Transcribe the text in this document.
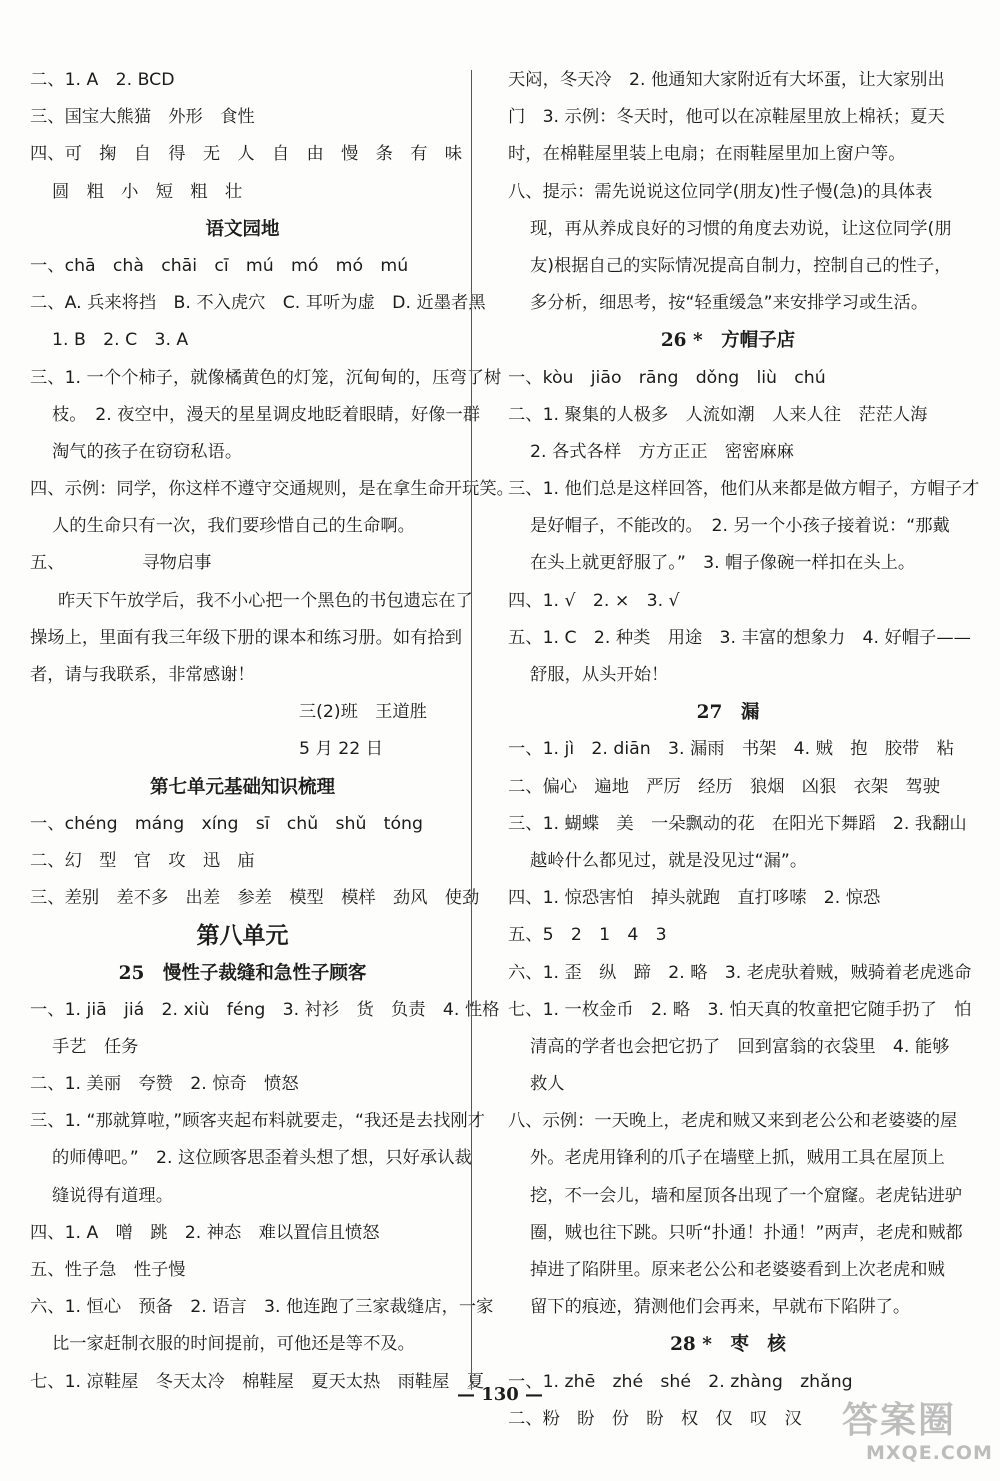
二、1. A　2. BCD
三、国宝大熊猫　外形　食性
四、可　掬　自　得　无　人　自　由　慢　条　有　味
圆　粗　小　短　粗　壮
语文园地
一、chā　chà　chāi　cī　mú　mó　mó　mú
二、A. 兵来将挡　B. 不入虎穴　C. 耳听为虚　D. 近墨者黑
1. B　2. C　3. A
三、1. 一个个柿子，就像橘黄色的灯笼，沉甸甸的，压弯了树
枝。　2. 夜空中，漫天的星星调皮地眨着眼睛，好像一群
淘气的孩子在窃窃私语。
四、示例：同学，你这样不遵守交通规则，是在拿生命开玩笑。
人的生命只有一次，我们要珍惜自己的生命啊。
五、　　　　　寻物启事
昨天下午放学后，我不小心把一个黑色的书包遗忘在了
操场上，里面有我三年级下册的课本和练习册。如有拾到
者，请与我联系，非常感谢！
三(2)班　王道胜
5 月 22 日
第七单元基础知识梳理
一、chéng　máng　xíng　sī　chǔ　shǔ　tóng
二、幻　型　官　攻　迅　庙
三、差别　差不多　出差　参差　模型　模样　劲风　使劲
第八单元
25　慢性子裁缝和急性子顾客
一、1. jiā　jiá　2. xiù　féng　3. 衬衫　货　负责　4. 性格
手艺　任务
二、1. 美丽　夸赞　2. 惊奇　愤怒
三、1. “那就算啦，”顾客夹起布料就要走，“我还是去找刚才
的师傅吧。”　2. 这位顾客思歪着头想了想，只好承认裁
缝说得有道理。
四、1. A　噌　跳　2. 神态　难以置信且愤怒
五、性子急　性子慢
六、1. 恒心　预备　2. 语言　3. 他连跑了三家裁缝店，一家
比一家赶制衣服的时间提前，可他还是等不及。
七、1. 凉鞋屋　冬天太冷　棉鞋屋　夏天太热　雨鞋屋　夏
天闷，冬天冷　2. 他通知大家附近有大坏蛋，让大家别出
门　3. 示例：冬天时，他可以在凉鞋屋里放上棉袄；夏天
时，在棉鞋屋里装上电扇；在雨鞋屋里加上窗户等。
八、提示：需先说说这位同学(朋友)性子慢(急)的具体表
现，再从养成良好的习惯的角度去劝说，让这位同学(朋
友)根据自己的实际情况提高自制力，控制自己的性子，
多分析，细思考，按“轻重缓急”来安排学习或生活。
26 *　方帽子店
一、kòu　jiāo　rāng　dǒng　liù　chú
二、1. 聚集的人极多　人流如潮　人来人往　茫茫人海
2. 各式各样　方方正正　密密麻麻
三、1. 他们总是这样回答，他们从来都是做方帽子，方帽子才
是好帽子，不能改的。　2. 另一个小孩子接着说：“那戴
在头上就更舒服了。”　3. 帽子像碗一样扣在头上。
四、1. √　2. ×　3. √
五、1. C　2. 种类　用途　3. 丰富的想象力　4. 好帽子——
舒服，从头开始！
27　漏
一、1. jì　2. diān　3. 漏雨　书架　4. 贼　抱　胶带　粘
二、偏心　遍地　严厉　经历　狼烟　凶狠　衣架　驾驶
三、1. 蝴蝶　美　一朵飘动的花　在阳光下舞蹈　2. 我翻山
越岭什么都见过，就是没见过“漏”。
四、1. 惊恐害怕　掉头就跑　直打哆嗦　2. 惊恐
五、5　2　1　4　3
六、1. 歪　纵　蹄　2. 略　3. 老虎驮着贼，贼骑着老虎逃命
七、1. 一枚金币　2. 略　3. 怕天真的牧童把它随手扔了　怕
清高的学者也会把它扔了　回到富翁的衣袋里　4. 能够
救人
八、示例：一天晚上，老虎和贼又来到老公公和老婆婆的屋
外。老虎用锋利的爪子在墙壁上抓，贼用工具在屋顶上
挖，不一会儿，墙和屋顶各出现了一个窟窿。老虎钻进驴
圈，贼也往下跳。只听“扑通！扑通！”两声，老虎和贼都
掉进了陷阱里。原来老公公和老婆婆看到上次老虎和贼
留下的痕迹，猜测他们会再来，早就布下陷阱了。
28 *　枣　核
一、1. zhē　zhé　shé　2. zhàng　zhǎng
二、粉　盼　份　盼　权　仅　叹　汉
— 130 —
答案圈
MXQE.COM
